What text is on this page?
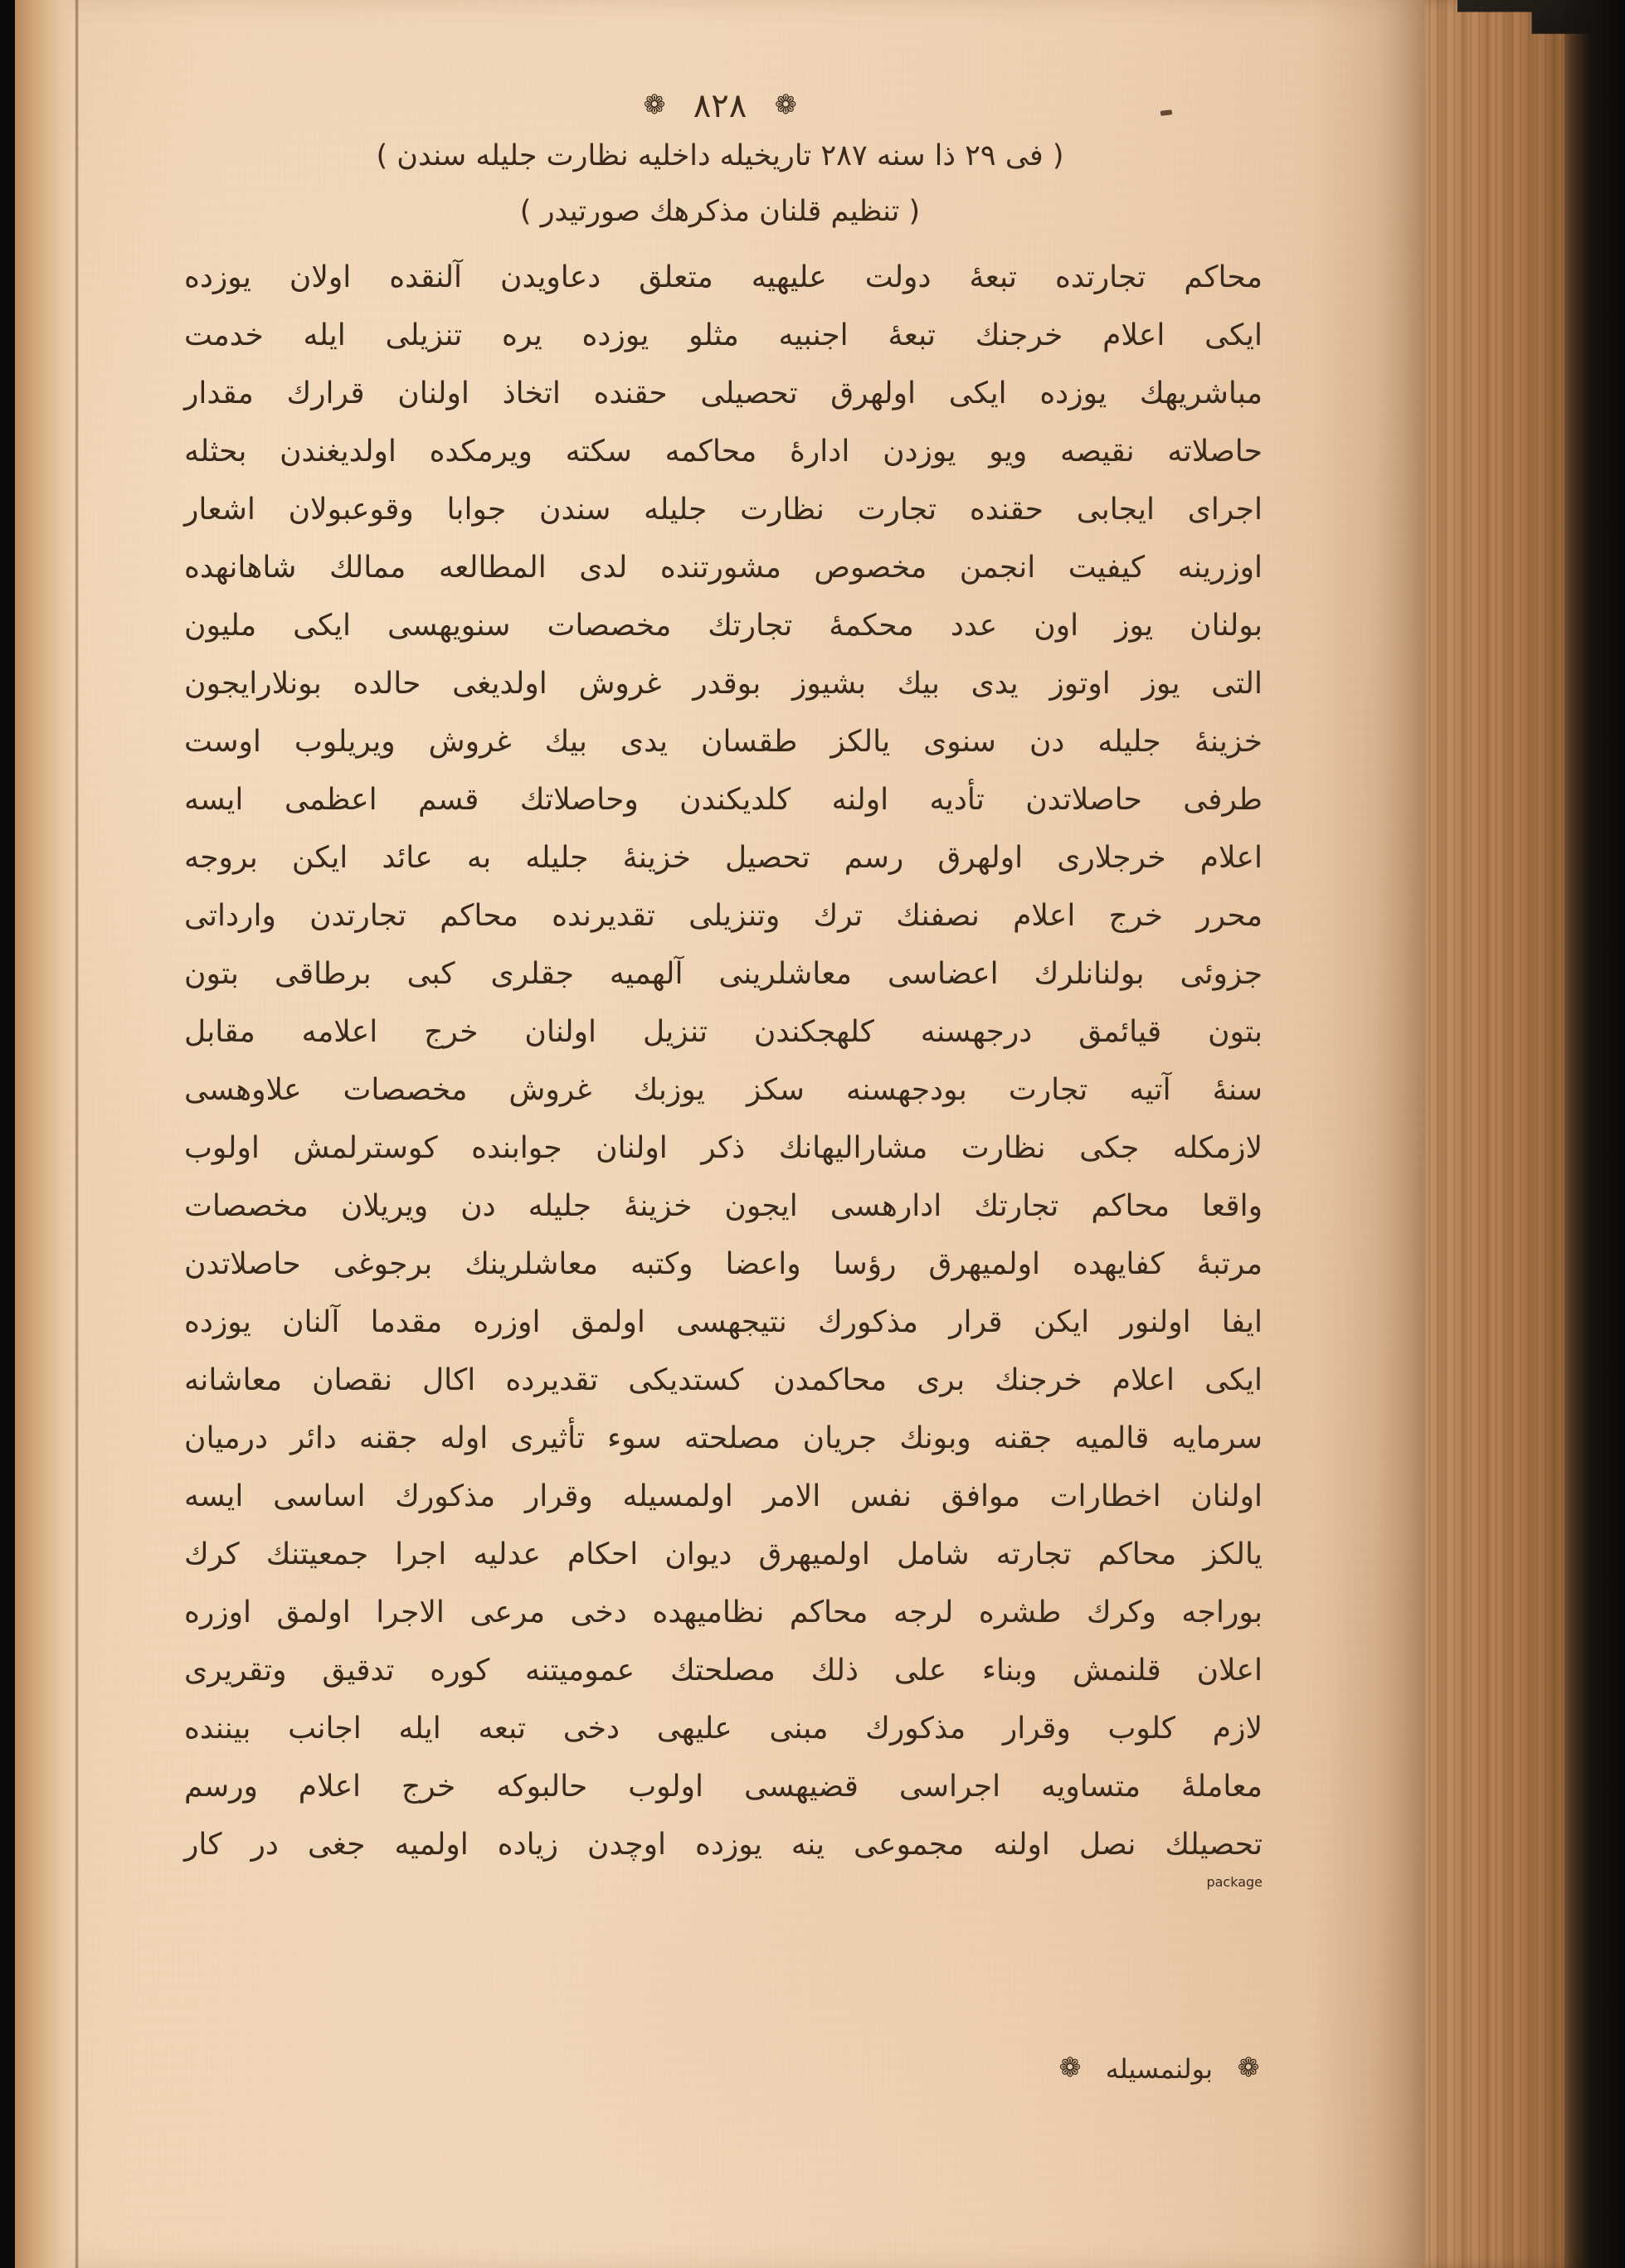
❁
٨٢٨
❁
( فى ٢٩ ذا سنه ٢٨٧ تاریخیله داخلیه نظارت جلیله سندن )
( تنظیم قلنان مذكرهك صورتیدر )
محاكم تجارتده تبعهٔ دولت علیهیه متعلق دعاویدن آلنقده اولان یوزده
ایكی اعلام خرجنك تبعهٔ اجنبیه مثلو یوزده یره تنزیلی ایله خدمت
مباشریهك یوزده ایكی اولهرق تحصیلی حقنده اتخاذ اولنان قرارك مقدار
حاصلاته نقیصه ویو یوزدن ادارهٔ محاكمه سكته ویرمكده اولدیغندن بحثله
اجرای ایجابی حقنده تجارت نظارت جلیله سندن جوابا وقوعبولان اشعار
اوزرینه كیفیت انجمن مخصوص مشورتنده لدی المطالعه ممالك شاهانهده
بولنان یوز اون عدد محكمهٔ تجارتك مخصصات سنویهسی ایكی ملیون
التی یوز اوتوز یدی بیك بشیوز بوقدر غروش اولدیغی حالده بونلارایجون
خزینهٔ جلیله دن سنوی یالكز طقسان یدی بیك غروش ویریلوب اوست
طرفی حاصلاتدن تأدیه اولنه كلدیكندن وحاصلاتك قسم اعظمی ایسه
اعلام خرجلاری اولهرق رسم تحصیل خزینهٔ جلیله به عائد ایكن بروجه
محرر خرج اعلام نصفنك ترك وتنزیلی تقدیرنده محاكم تجارتدن وارداتی
جزوئی بولنانلرك اعضاسی معاشلرینی آلهمیه جقلری كبی برطاقی بتون
بتون قیائمق درجهسنه كلهجكندن تنزیل اولنان خرج اعلامه مقابل
سنهٔ آتیه تجارت بودجهسنه سكز یوزبك غروش مخصصات علاوهسی
لازمكله جكی نظارت مشارالیهانك ذكر اولنان جوابنده كوسترلمش اولوب
واقعا محاكم تجارتك ادارهسی ایجون خزینهٔ جلیله دن ویریلان مخصصات
مرتبهٔ كفایهده اولمیهرق رؤسا واعضا وكتبه معاشلرینك برجوغی حاصلاتدن
ایفا اولنور ایكن قرار مذكورك نتیجهسی اولمق اوزره مقدما آلنان یوزده
ایكی اعلام خرجنك بری محاكمدن كستدیكی تقدیرده اكال نقصان معاشانه
سرمایه قالمیه جقنه وبونك جریان مصلحته سوء تأثیری اوله جقنه دائر درمیان
اولنان اخطارات موافق نفس الامر اولمسیله وقرار مذكورك اساسی ایسه
یالكز محاكم تجارته شامل اولمیهرق دیوان احكام عدلیه اجرا جمعیتنك كرك
بوراجه وكرك طشره لرجه محاكم نظامیهده دخی مرعی الاجرا اولمق اوزره
اعلان قلنمش وبناء على ذلك مصلحتك عمومیتنه كوره تدقیق وتقریری
لازم كلوب وقرار مذكورك مبنی علیهی دخی تبعه ایله اجانب بیننده
معاملهٔ متساویه اجراسی قضیهسی اولوب حالبوكه خرج اعلام ورسم
تحصیلك نصل اولنه مجموعی ینه یوزده اوچدن زیاده اولمیه جغی در كار
package
❁
بولنمسیله
❁
